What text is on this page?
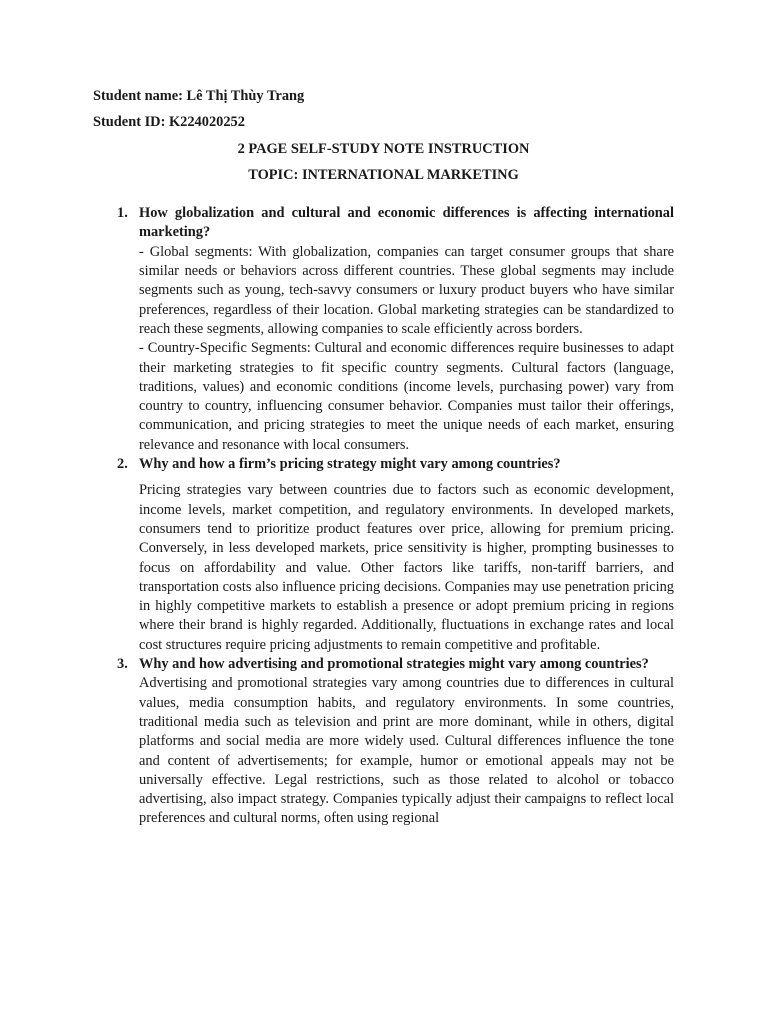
Student name: Lê Thị Thùy Trang

Student ID: K224020252

2 PAGE SELF-STUDY NOTE INSTRUCTION

TOPIC: INTERNATIONAL MARKETING

1. How globalization and cultural and economic differences is affecting international marketing?

- Global segments: With globalization, companies can target consumer groups that share similar needs or behaviors across different countries. These global segments may include segments such as young, tech-savvy consumers or luxury product buyers who have similar preferences, regardless of their location. Global marketing strategies can be standardized to reach these segments, allowing companies to scale efficiently across borders.

- Country-Specific Segments: Cultural and economic differences require businesses to adapt their marketing strategies to fit specific country segments. Cultural factors (language, traditions, values) and economic conditions (income levels, purchasing power) vary from country to country, influencing consumer behavior. Companies must tailor their offerings, communication, and pricing strategies to meet the unique needs of each market, ensuring relevance and resonance with local consumers.

2. Why and how a firm’s pricing strategy might vary among countries?

Pricing strategies vary between countries due to factors such as economic development, income levels, market competition, and regulatory environments. In developed markets, consumers tend to prioritize product features over price, allowing for premium pricing. Conversely, in less developed markets, price sensitivity is higher, prompting businesses to focus on affordability and value. Other factors like tariffs, non-tariff barriers, and transportation costs also influence pricing decisions. Companies may use penetration pricing in highly competitive markets to establish a presence or adopt premium pricing in regions where their brand is highly regarded. Additionally, fluctuations in exchange rates and local cost structures require pricing adjustments to remain competitive and profitable.

3. Why and how advertising and promotional strategies might vary among countries?

Advertising and promotional strategies vary among countries due to differences in cultural values, media consumption habits, and regulatory environments. In some countries, traditional media such as television and print are more dominant, while in others, digital platforms and social media are more widely used. Cultural differences influence the tone and content of advertisements; for example, humor or emotional appeals may not be universally effective. Legal restrictions, such as those related to alcohol or tobacco advertising, also impact strategy. Companies typically adjust their campaigns to reflect local preferences and cultural norms, often using regional
